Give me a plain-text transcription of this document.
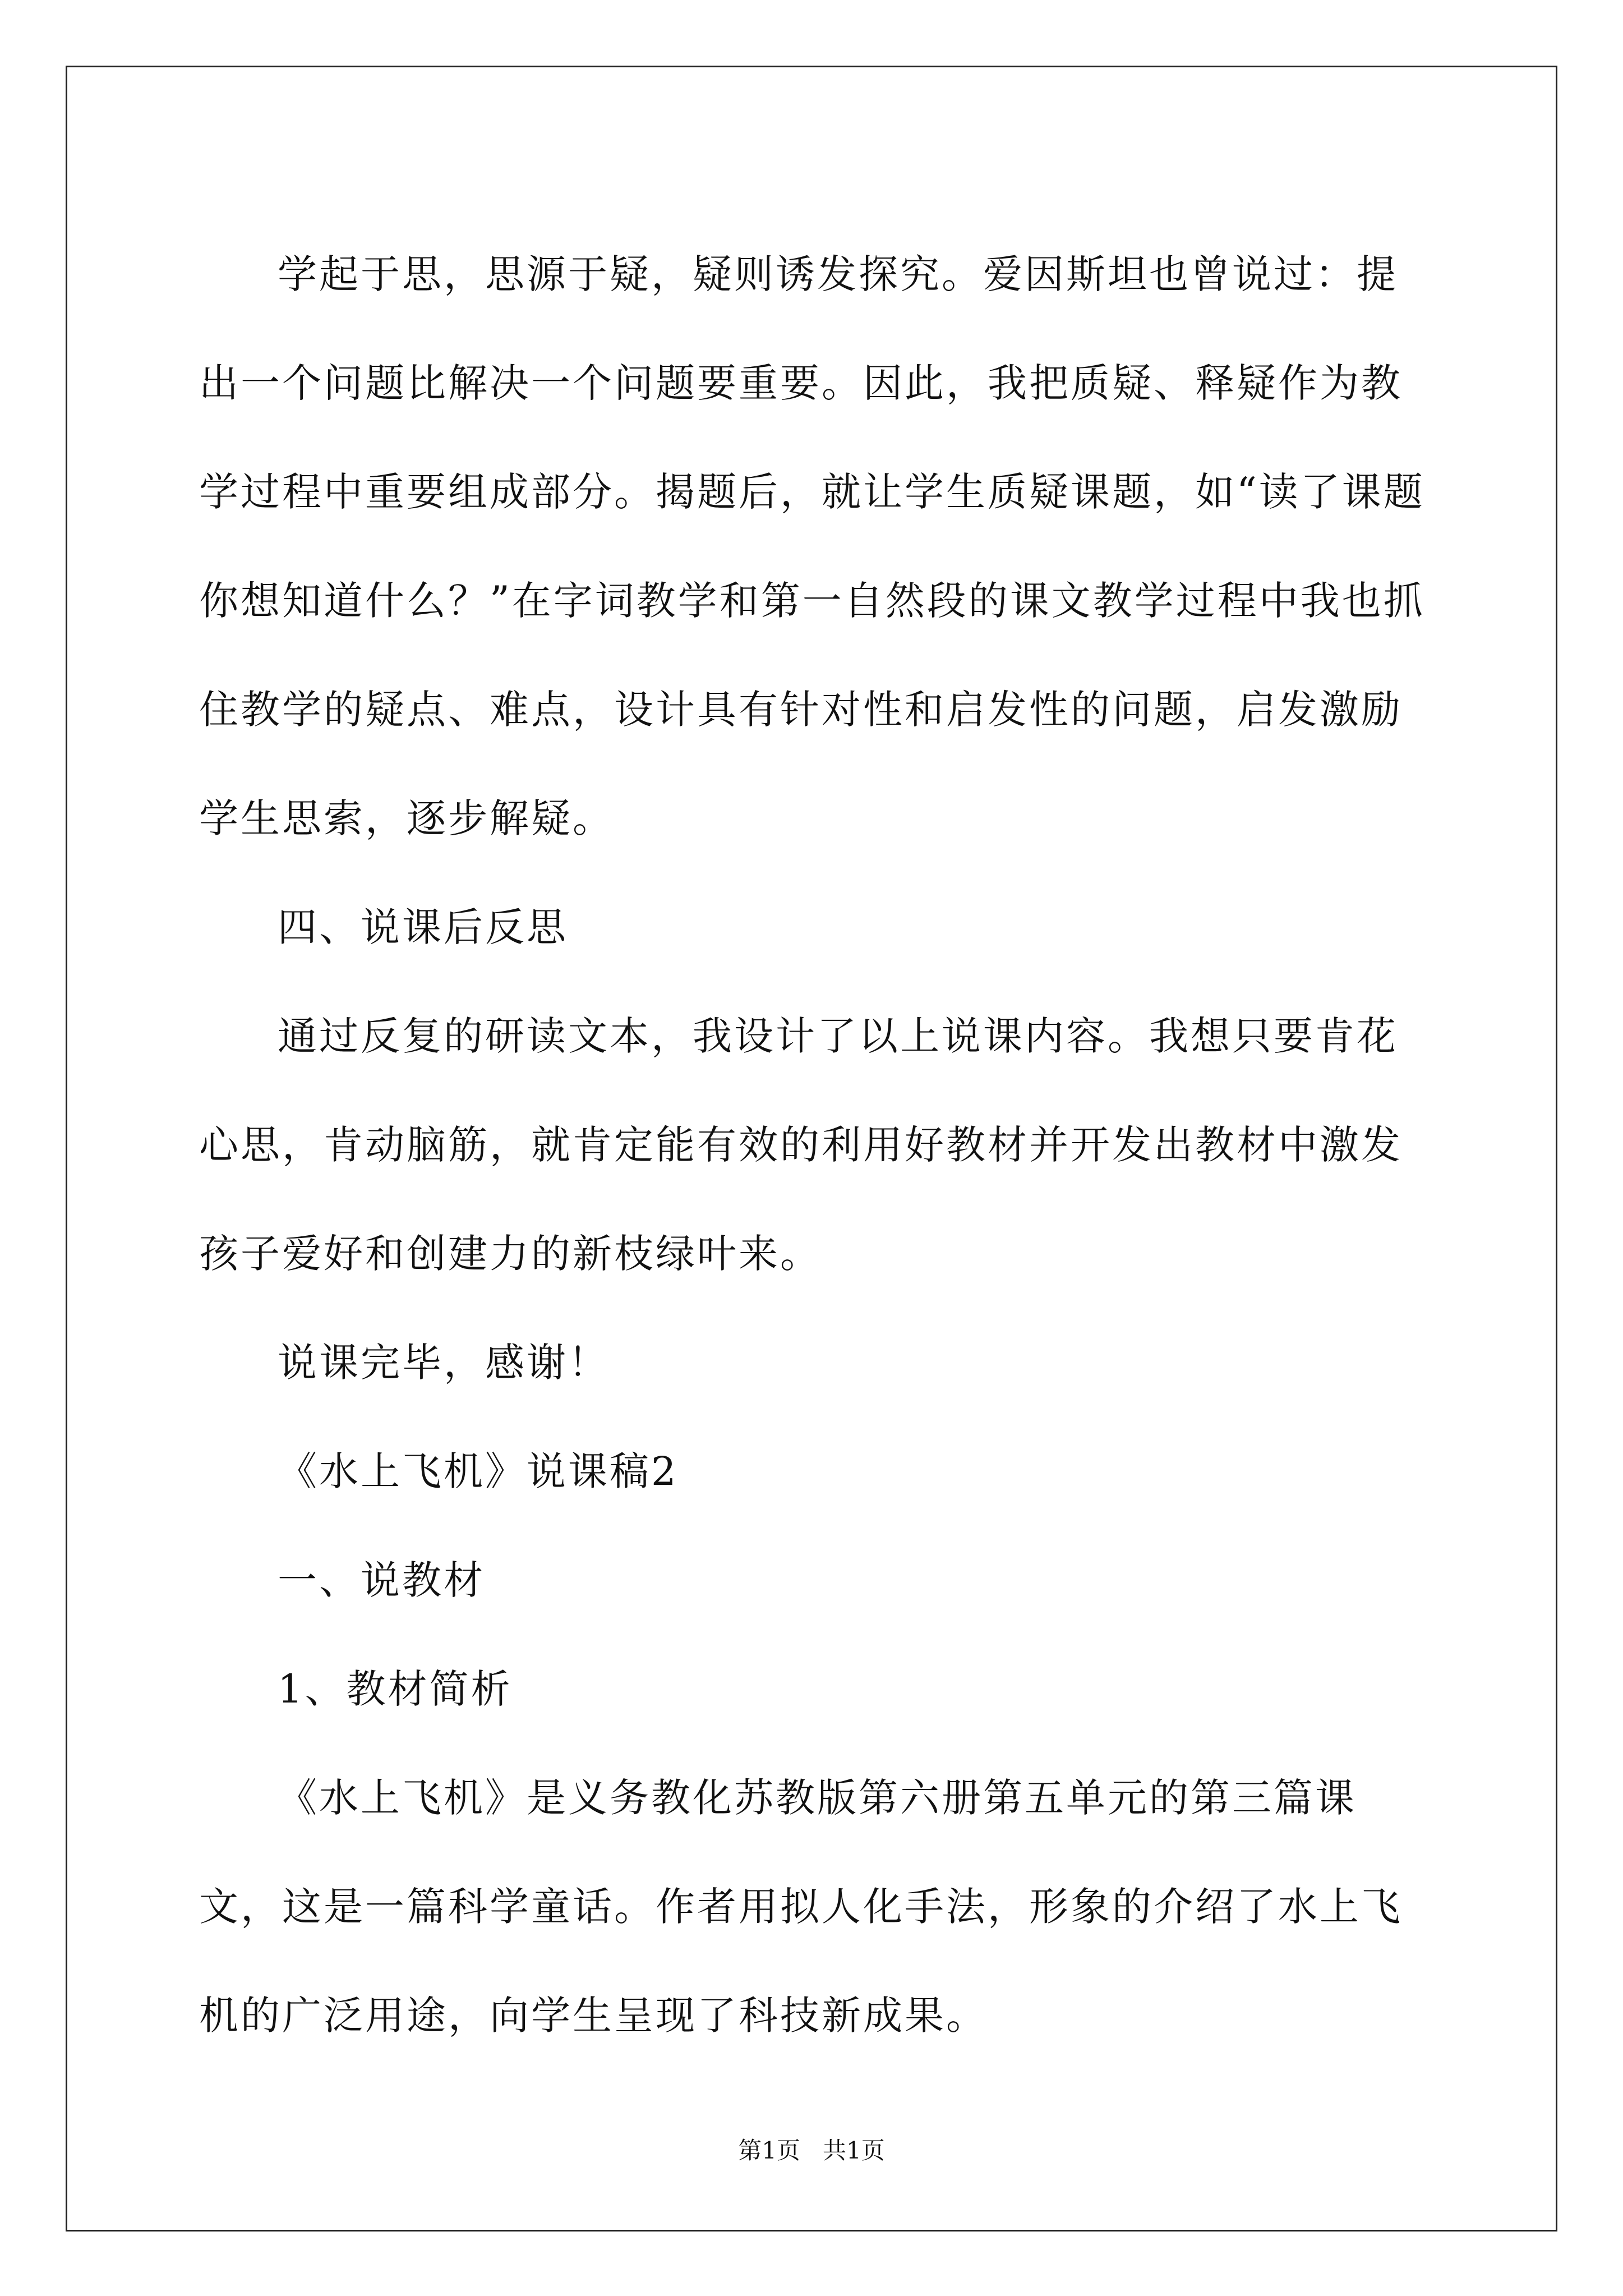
学起于思，思源于疑，疑则诱发探究。爱因斯坦也曾说过：提出一个问题比解决一个问题要重要。因此，我把质疑、释疑作为教学过程中重要组成部分。揭题后，就让学生质疑课题，如“读了课题你想知道什么？”在字词教学和第一自然段的课文教学过程中我也抓住教学的疑点、难点，设计具有针对性和启发性的问题，启发激励学生思索，逐步解疑。

四、说课后反思

通过反复的研读文本，我设计了以上说课内容。我想只要肯花心思，肯动脑筋，就肯定能有效的利用好教材并开发出教材中激发孩子爱好和创建力的新枝绿叶来。

说课完毕，感谢！

《水上飞机》说课稿2

一、说教材

1、教材简析

《水上飞机》是义务教化苏教版第六册第五单元的第三篇课文，这是一篇科学童话。作者用拟人化手法，形象的介绍了水上飞机的广泛用途，向学生呈现了科技新成果。

第1页 共1页
